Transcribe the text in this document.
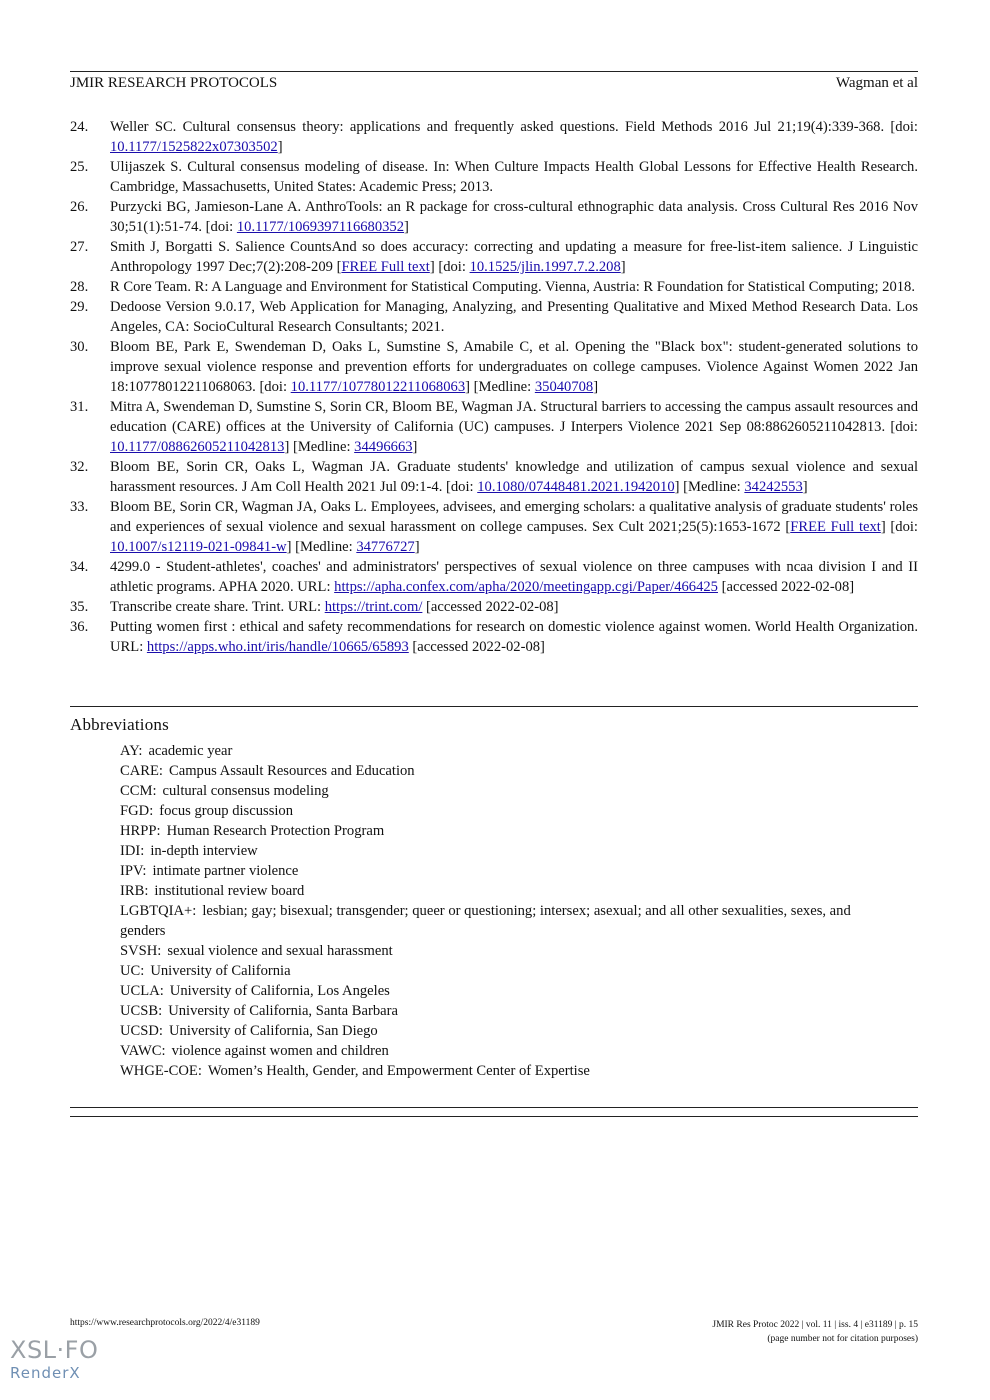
JMIR RESEARCH PROTOCOLS	Wagman et al
24.	Weller SC. Cultural consensus theory: applications and frequently asked questions. Field Methods 2016 Jul 21;19(4):339-368. [doi: 10.1177/1525822x07303502]
25.	Ulijaszek S. Cultural consensus modeling of disease. In: When Culture Impacts Health Global Lessons for Effective Health Research. Cambridge, Massachusetts, United States: Academic Press; 2013.
26.	Purzycki BG, Jamieson-Lane A. AnthroTools: an R package for cross-cultural ethnographic data analysis. Cross Cultural Res 2016 Nov 30;51(1):51-74. [doi: 10.1177/1069397116680352]
27.	Smith J, Borgatti S. Salience CountsAnd so does accuracy: correcting and updating a measure for free-list-item salience. J Linguistic Anthropology 1997 Dec;7(2):208-209 [FREE Full text] [doi: 10.1525/jlin.1997.7.2.208]
28.	R Core Team. R: A Language and Environment for Statistical Computing. Vienna, Austria: R Foundation for Statistical Computing; 2018.
29.	Dedoose Version 9.0.17, Web Application for Managing, Analyzing, and Presenting Qualitative and Mixed Method Research Data. Los Angeles, CA: SocioCultural Research Consultants; 2021.
30.	Bloom BE, Park E, Swendeman D, Oaks L, Sumstine S, Amabile C, et al. Opening the "Black box": student-generated solutions to improve sexual violence response and prevention efforts for undergraduates on college campuses. Violence Against Women 2022 Jan 18:10778012211068063. [doi: 10.1177/10778012211068063] [Medline: 35040708]
31.	Mitra A, Swendeman D, Sumstine S, Sorin CR, Bloom BE, Wagman JA. Structural barriers to accessing the campus assault resources and education (CARE) offices at the University of California (UC) campuses. J Interpers Violence 2021 Sep 08:8862605211042813. [doi: 10.1177/08862605211042813] [Medline: 34496663]
32.	Bloom BE, Sorin CR, Oaks L, Wagman JA. Graduate students' knowledge and utilization of campus sexual violence and sexual harassment resources. J Am Coll Health 2021 Jul 09:1-4. [doi: 10.1080/07448481.2021.1942010] [Medline: 34242553]
33.	Bloom BE, Sorin CR, Wagman JA, Oaks L. Employees, advisees, and emerging scholars: a qualitative analysis of graduate students' roles and experiences of sexual violence and sexual harassment on college campuses. Sex Cult 2021;25(5):1653-1672 [FREE Full text] [doi: 10.1007/s12119-021-09841-w] [Medline: 34776727]
34.	4299.0 - Student-athletes', coaches' and administrators' perspectives of sexual violence on three campuses with ncaa division I and II athletic programs. APHA 2020. URL: https://apha.confex.com/apha/2020/meetingapp.cgi/Paper/466425 [accessed 2022-02-08]
35.	Transcribe create share. Trint. URL: https://trint.com/ [accessed 2022-02-08]
36.	Putting women first : ethical and safety recommendations for research on domestic violence against women. World Health Organization. URL: https://apps.who.int/iris/handle/10665/65893 [accessed 2022-02-08]
Abbreviations
AY: academic year
CARE: Campus Assault Resources and Education
CCM: cultural consensus modeling
FGD: focus group discussion
HRPP: Human Research Protection Program
IDI: in-depth interview
IPV: intimate partner violence
IRB: institutional review board
LGBTQIA+: lesbian; gay; bisexual; transgender; queer or questioning; intersex; asexual; and all other sexualities, sexes, and genders
SVSH: sexual violence and sexual harassment
UC: University of California
UCLA: University of California, Los Angeles
UCSB: University of California, Santa Barbara
UCSD: University of California, San Diego
VAWC: violence against women and children
WHGE-COE: Women’s Health, Gender, and Empowerment Center of Expertise
https://www.researchprotocols.org/2022/4/e31189	JMIR Res Protoc 2022 | vol. 11 | iss. 4 | e31189 | p. 15
(page number not for citation purposes)
XSL·FO
RenderX
